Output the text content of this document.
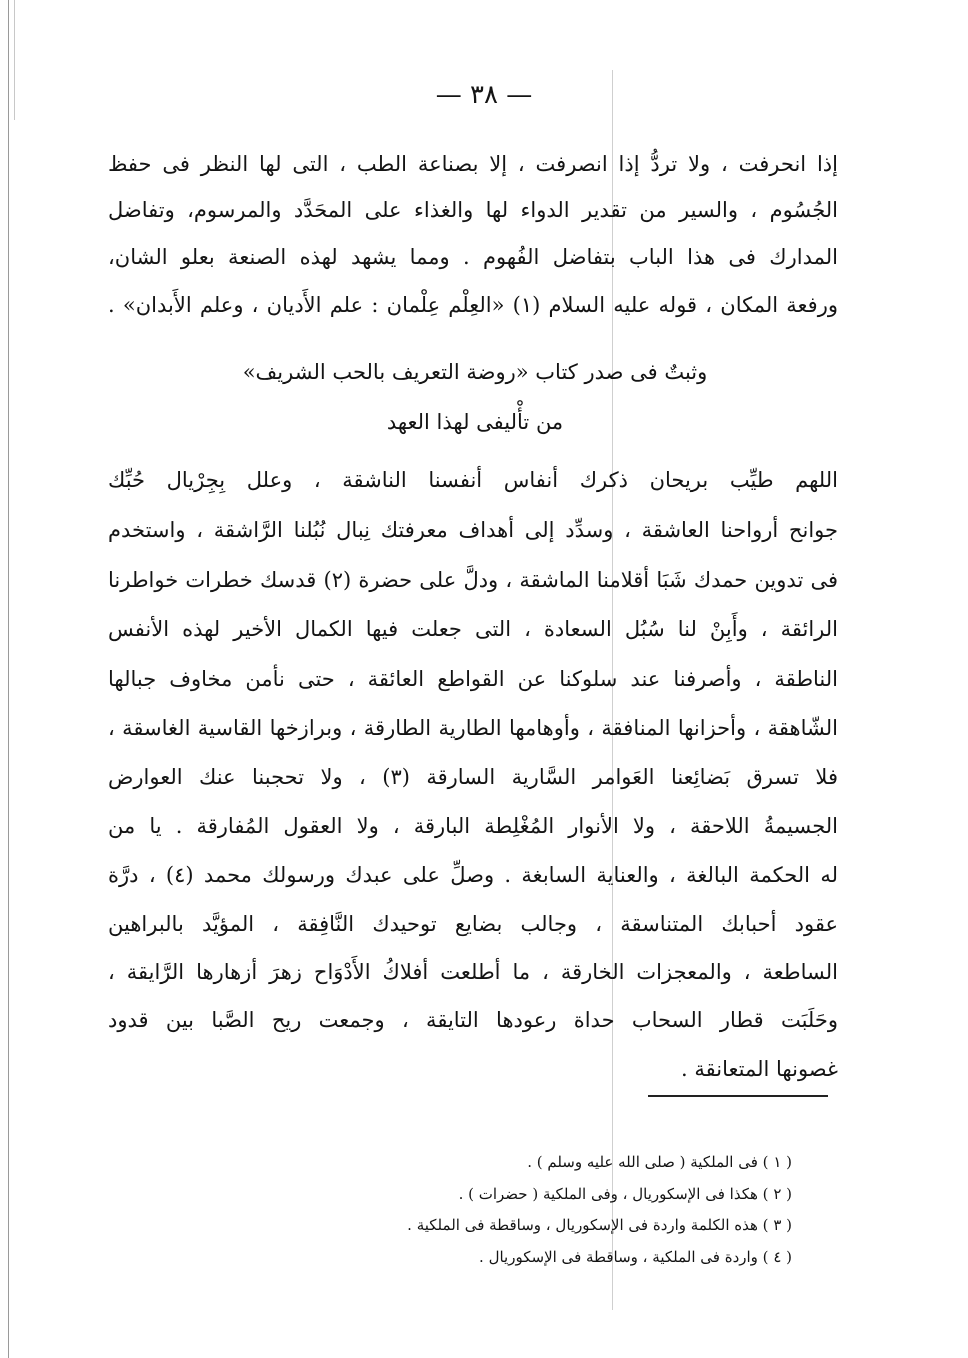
— ٣٨ —
إذا انحرفت ، ولا تردُّ إذا انصرفت ، إلا بصناعة الطب ، التى لها النظر فى حفظ
الجُسُوم ، والسير من تقدير الدواء لها والغذاء على المحَدَّد والمرسوم، وتفاضل
المدارك فى هذا الباب بتفاضل الفُهوم . ومما يشهد لهذه الصنعة بعلو الشان،
ورفعة المكان ، قوله عليه السلام (١) «العِلْم عِلْمان : علم الأَديان ، وعلم الأَبدان» .
وثبتٌ فى صدر كتاب «روضة التعريف بالحب الشريف»
من تأْليفى لهذا العهد
اللهم طيِّب بريحان ذكرك أنفاس أنفسنا الناشقة ، وعلل بِجِرْيال حُبِّك
جوانح أرواحنا العاشقة ، وسدِّد إلى أهداف معرفتك نِبال نُبُلنا الرَّاشقة ، واستخدم
فى تدوين حمدك شَبَا أقلامنا الماشقة ، ودلَّ على حضرة (٢) قدسك خطرات خواطرنا
الرائقة ، وأَبِنْ لنا سُبُل السعادة ، التى جعلت فيها الكمال الأخير لهذه الأنفس
الناطقة ، وأصرفنا عند سلوكنا عن القواطع العائقة ، حتى نأمن مخاوف جبالها
الشّاهقة ، وأحزانها المنافقة ، وأوهامها الطارية الطارقة ، وبرازخها القاسية الغاسقة ،
فلا تسرق بَضائِعنا العَوامر السَّارية السارقة (٣) ، ولا تحجبنا عنك العوارض
الجسيمةُ اللاحقة ، ولا الأنوار المُغْلِطة البارقة ، ولا العقول المُفارقة . يا من
له الحكمة البالغة ، والعناية السابغة . وصلِّ على عبدك ورسولك محمد (٤) ، درَّة
عقود أحبابك المتناسقة ، وجالب بضايع توحيدك النَّافِقة ، المؤيَّد بالبراهين
الساطعة ، والمعجزات الخارقة ، ما أطلعت أفلاكُ الأَدْوَاح زهرَ أزهارها الرَّايقة ،
وحَلَبَت قطار السحاب حداة رعودها التايقة ، وجمعت ريح الصَّبا بين قدود
غصونها المتعانقة .
( ١ ) فى الملكية ( صلى الله عليه وسلم ) .
( ٢ ) هكذا فى الإسكوريال ، وفى الملكية ( حضرات ) .
( ٣ ) هذه الكلمة واردة فى الإسكوريال ، وساقطة فى الملكية .
( ٤ ) واردة فى الملكية ، وساقطة فى الإسكوريال .
